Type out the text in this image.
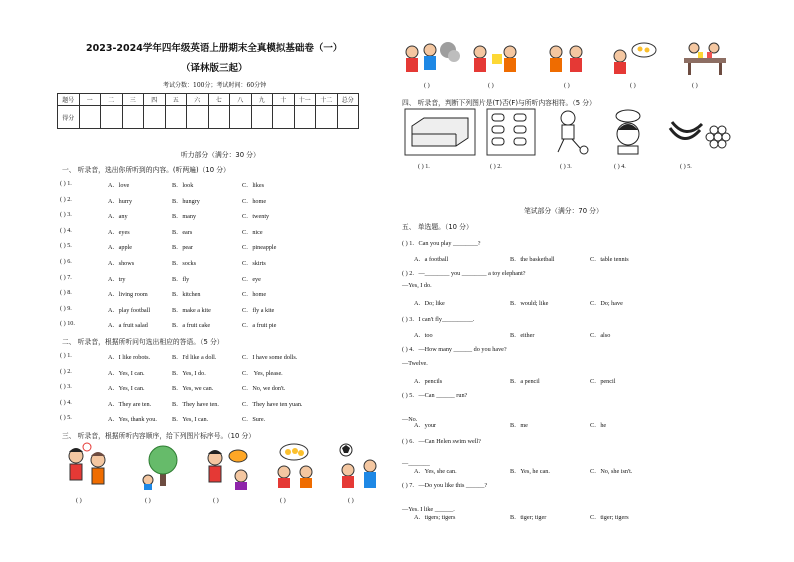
2023-2024学年四年级英语上册期末全真模拟基础卷（一）
（译林版三起）
考试分数：100分；考试时间：60分钟
题号	一	二	三	四	五	六	七	八	九	十	十一	十二	总分
得分													
听力部分（满分：30 分）
一、 听录音，选出你所听到的内容。(听两遍)（10 分）
( ) 1.	A．love	B．look	C．likes
( ) 2.	A．hurry	B．hungry	C．home
( ) 3.	A．any	B．many	C．twenty
( ) 4.	A．eyes	B．ears	C．nice
( ) 5.	A．apple	B．pear	C．pineapple
( ) 6.	A．shows	B．socks	C．skirts
( ) 7.	A．try	B．fly	C．eye
( ) 8.	A．living room	B．kitchen	C．home
( ) 9.	A．play football	B．make a kite	C．fly a kite
( ) 10.	A．a fruit salad	B．a fruit cake	C．a fruit pie
二、 听录音，根据所听问句选出相应的答语。（5 分）
( ) 1.	A．I like robots.	B．I'd like a doll.	C．I have some dolls.
( ) 2.	A．Yes, I can.	B．Yes, I do.	C． Yes, please.
( ) 3.	A．Yes, I can.	B．Yes, we can.	C．No, we don't.
( ) 4.	A．They are ten.	B．They have ten.	C．They have ten yuan.
( ) 5.	A．Yes, thank you. B．Yes, I can.	C．Sure.
三、 听录音，根据所听内容顺序，给下列图片标序号。（10 分）
( )	( )	( )	( )	( )
( )	( )	( )	( )	( )
四、 听录音，判断下列图片是(T)否(F)与所听内容相符。（5 分）
( ) 1.	( ) 2.	( ) 3.	( ) 4.	( ) 5.
笔试部分（满分：70 分）
五、 单选题。（10 分）
( ) 1．Can you play ________?
A．a football	B．the basketball	C．table tennis
( ) 2．—________ you ________ a toy elephant?
—Yes, I do.
A．Do; like	B．would; like	C．Do; have
( ) 3．I can't fly__________.
A．too	B．either	C．also
( ) 4．—How many ______ do you have?
—Twelve.
A．pencils	B．a pencil	C．pencil
( ) 5．—Can ______ run?
—No.
A．your	B．me	C．he
( ) 6．—Can Helen swim well?
—_______
A．Yes, she can.	B．Yes, he can.	C．No, she isn't.
( ) 7．—Do you like this ______?
—Yes. I like ______.
A．tigers; tigers	B．tiger; tiger	C．tiger; tigers
